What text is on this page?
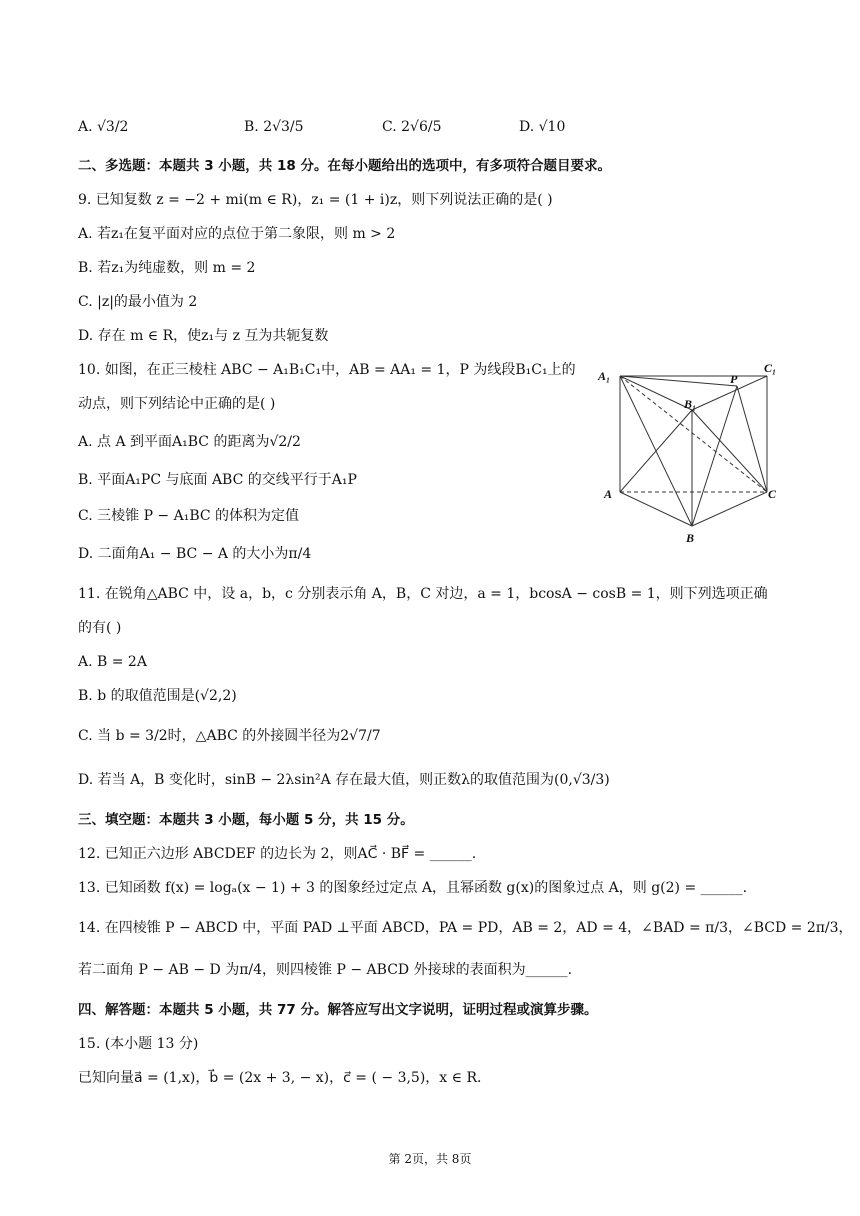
A. √3/2	B. 2√3/5	C. 2√6/5	D. √10
二、多选题：本题共 3 小题，共 18 分。在每小题给出的选项中，有多项符合题目要求。
9. 已知复数 z = −2 + mi(m ∈ R)，z₁ = (1 + i)z，则下列说法正确的是( )
A. 若z₁在复平面对应的点位于第二象限，则 m > 2
B. 若z₁为纯虚数，则 m = 2
C. |z|的最小值为 2
D. 存在 m ∈ R，使z₁与 z 互为共轭复数
10. 如图，在正三棱柱 ABC − A₁B₁C₁中，AB = AA₁ = 1，P 为线段B₁C₁上的
动点，则下列结论中正确的是( )
A. 点 A 到平面A₁BC 的距离为√2/2
B. 平面A₁PC 与底面 ABC 的交线平行于A₁P
C. 三棱锥 P − A₁BC 的体积为定值
D. 二面角A₁ − BC − A 的大小为π/4
A₁	P
C₁
B₁
A	C
B
11. 在锐角△ABC 中，设 a，b，c 分别表示角 A，B，C 对边，a = 1，bcosA − cosB = 1，则下列选项正确
的有( )
A. B = 2A
B. b 的取值范围是(√2,2)
C. 当 b = 3/2时，△ABC 的外接圆半径为2√7/7
D. 若当 A，B 变化时，sinB − 2λsin²A 存在最大值，则正数λ的取值范围为(0,√3/3)
三、填空题：本题共 3 小题，每小题 5 分，共 15 分。
12. 已知正六边形 ABCDEF 的边长为 2，则AC⃗ · BF⃗ = ______.
13. 已知函数 f(x) = logₐ(x − 1) + 3 的图象经过定点 A，且幂函数 g(x)的图象过点 A，则 g(2) = ______.
14. 在四棱锥 P − ABCD 中，平面 PAD ⊥平面 ABCD，PA = PD，AB = 2，AD = 4，∠BAD = π/3，∠BCD = 2π/3，
若二面角 P − AB − D 为π/4，则四棱锥 P − ABCD 外接球的表面积为______.
四、解答题：本题共 5 小题，共 77 分。解答应写出文字说明，证明过程或演算步骤。
15. (本小题 13 分)
已知向量a⃗ = (1,x)，b⃗ = (2x + 3, − x)，c⃗ = ( − 3,5)，x ∈ R.
第 2页，共 8页
